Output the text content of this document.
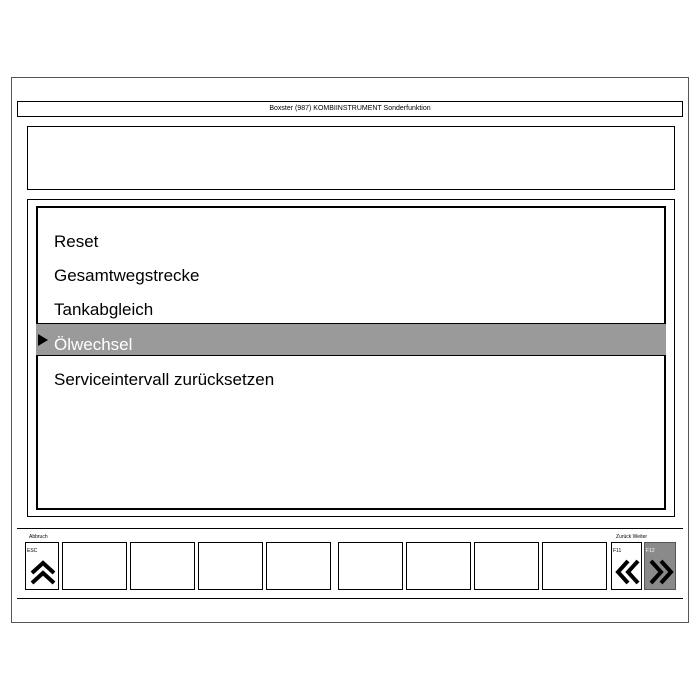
Boxster (987) KOMBIINSTRUMENT Sonderfunktion
Reset
Gesamtwegstrecke
Tankabgleich
Ölwechsel
Serviceintervall zurücksetzen
Abbruch	Zurück Weiter
ESC	F11	F12
